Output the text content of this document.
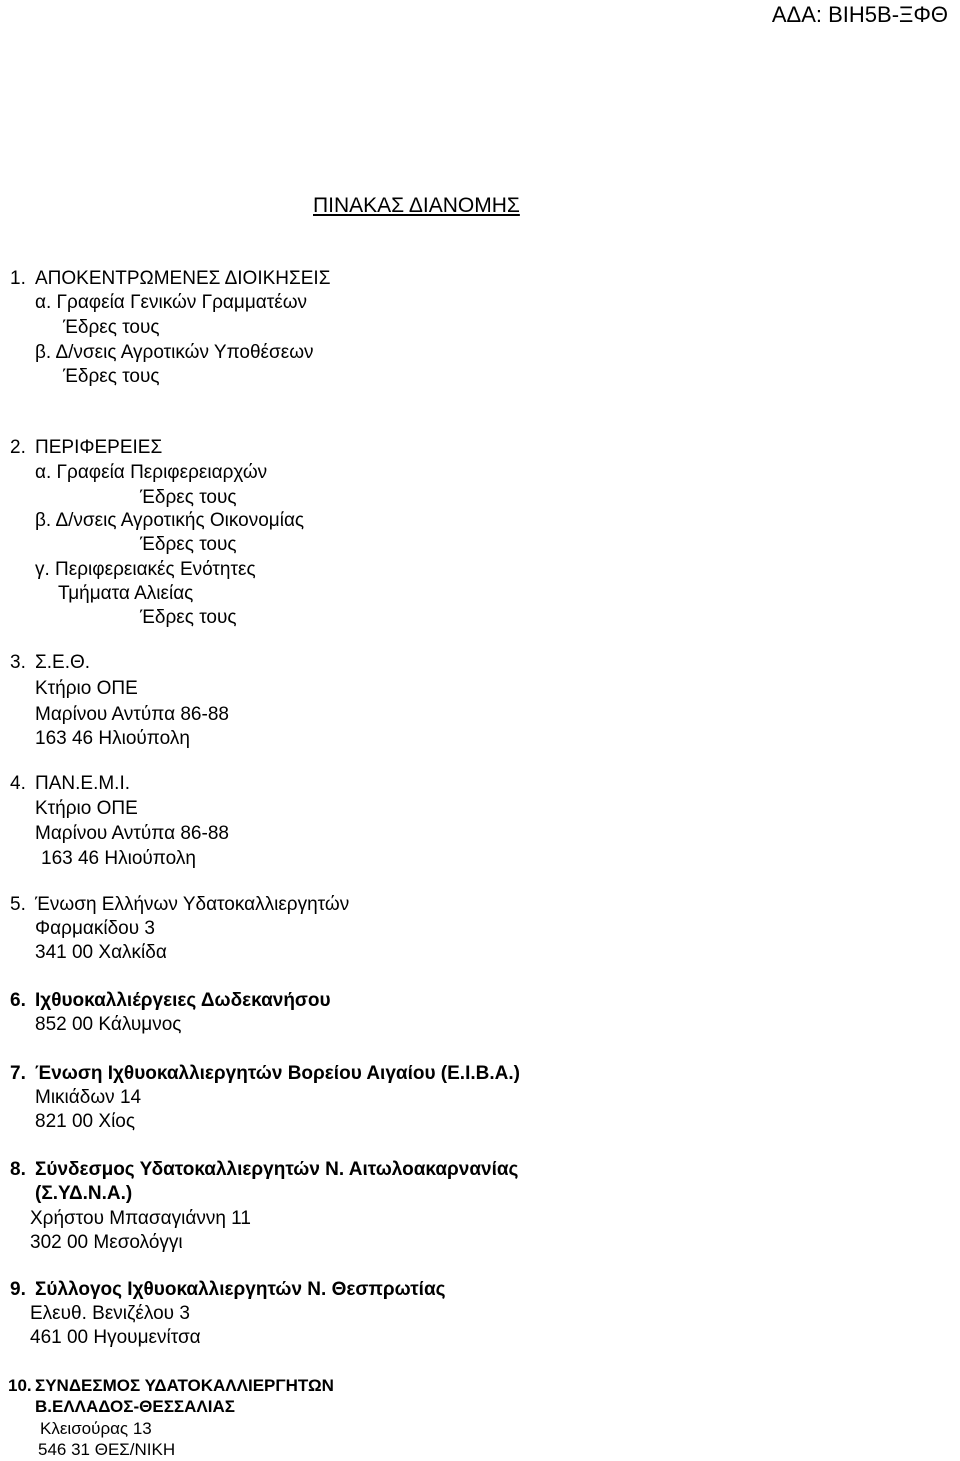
ΑΔΑ: ΒΙΗ5Β-ΞΦΘ
ΠΙΝΑΚΑΣ ΔΙΑΝΟΜΗΣ
1. ΑΠΟΚΕΝΤΡΩΜΕΝΕΣ ΔΙΟΙΚΗΣΕΙΣ
α. Γραφεία Γενικών Γραμματέων
Έδρες τους
β. Δ/νσεις Αγροτικών Υποθέσεων
Έδρες τους
2. ΠΕΡΙΦΕΡΕΙΕΣ
α. Γραφεία Περιφερειαρχών
Έδρες τους
β. Δ/νσεις Αγροτικής Οικονομίας
Έδρες τους
γ. Περιφερειακές Ενότητες
Τμήματα Αλιείας
Έδρες τους
3. Σ.Ε.Θ.
Κτήριο ΟΠΕ
Μαρίνου Αντύπα 86-88
163 46 Ηλιούπολη
4. ΠΑΝ.Ε.Μ.Ι.
Κτήριο ΟΠΕ
Μαρίνου Αντύπα 86-88
163 46 Ηλιούπολη
5. Ένωση Ελλήνων Υδατοκαλλιεργητών
Φαρμακίδου 3
341 00 Χαλκίδα
6. Ιχθυοκαλλιέργειες Δωδεκανήσου
852 00 Κάλυμνος
7. Ένωση Ιχθυοκαλλιεργητών Βορείου Αιγαίου (Ε.Ι.Β.Α.)
Μικιάδων 14
821 00 Χίος
8. Σύνδεσμος Υδατοκαλλιεργητών Ν. Αιτωλοακαρνανίας
(Σ.ΥΔ.Ν.Α.)
Χρήστου Μπασαγιάννη 11
302 00 Μεσολόγγι
9. Σύλλογος Ιχθυοκαλλιεργητών Ν. Θεσπρωτίας
Ελευθ. Βενιζέλου 3
461 00 Ηγουμενίτσα
10. ΣΥΝΔΕΣΜΟΣ ΥΔΑΤΟΚΑΛΛΙΕΡΓΗΤΩΝ
Β.ΕΛΛΑΔΟΣ-ΘΕΣΣΑΛΙΑΣ
Κλεισούρας 13
546 31 ΘΕΣ/ΝΙΚΗ
